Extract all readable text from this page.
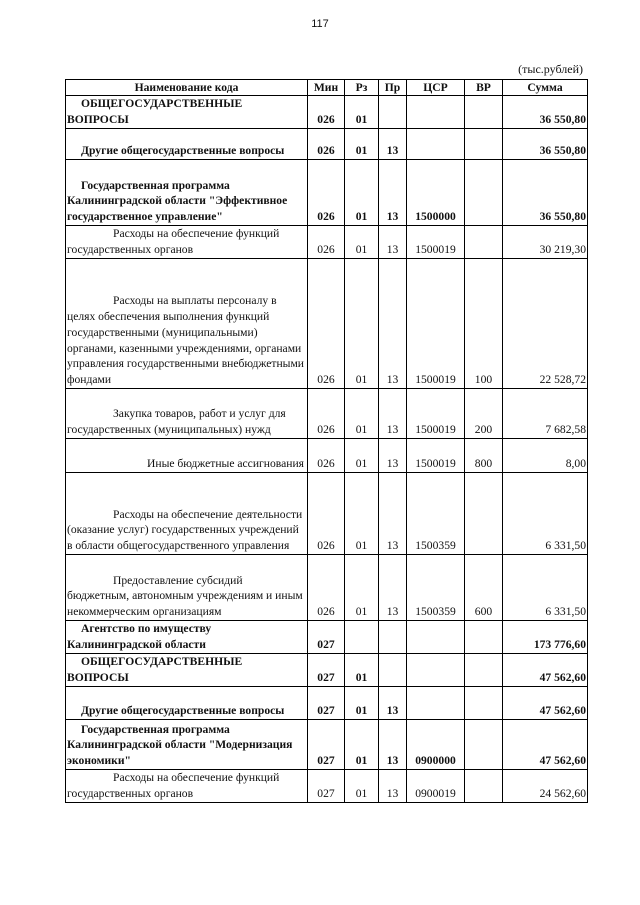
117
(тыс.рублей)
Наименование кода	Мин	Рз	Пр	ЦСР	ВР	Сумма
ОБЩЕГОСУДАРСТВЕННЫЕ ВОПРОСЫ	026	01				36 550,80
Другие общегосударственные вопросы	026	01	13			36 550,80
Государственная программа Калининградской области "Эффективное государственное управление"	026	01	13	1500000		36 550,80
Расходы на обеспечение функций государственных органов	026	01	13	1500019		30 219,30
Расходы на выплаты персоналу в целях обеспечения выполнения функций государственными (муниципальными) органами, казенными учреждениями, органами управления государственными внебюджетными фондами	026	01	13	1500019	100	22 528,72
Закупка товаров, работ и услуг для государственных (муниципальных) нужд	026	01	13	1500019	200	7 682,58
Иные бюджетные ассигнования	026	01	13	1500019	800	8,00
Расходы на обеспечение деятельности (оказание услуг) государственных учреждений в области общегосударственного управления	026	01	13	1500359		6 331,50
Предоставление субсидий бюджетным, автономным учреждениям и иным некоммерческим организациям	026	01	13	1500359	600	6 331,50
Агентство по имуществу Калининградской области	027					173 776,60
ОБЩЕГОСУДАРСТВЕННЫЕ ВОПРОСЫ	027	01				47 562,60
Другие общегосударственные вопросы	027	01	13			47 562,60
Государственная программа Калининградской области "Модернизация экономики"	027	01	13	0900000		47 562,60
Расходы на обеспечение функций государственных органов	027	01	13	0900019		24 562,60
